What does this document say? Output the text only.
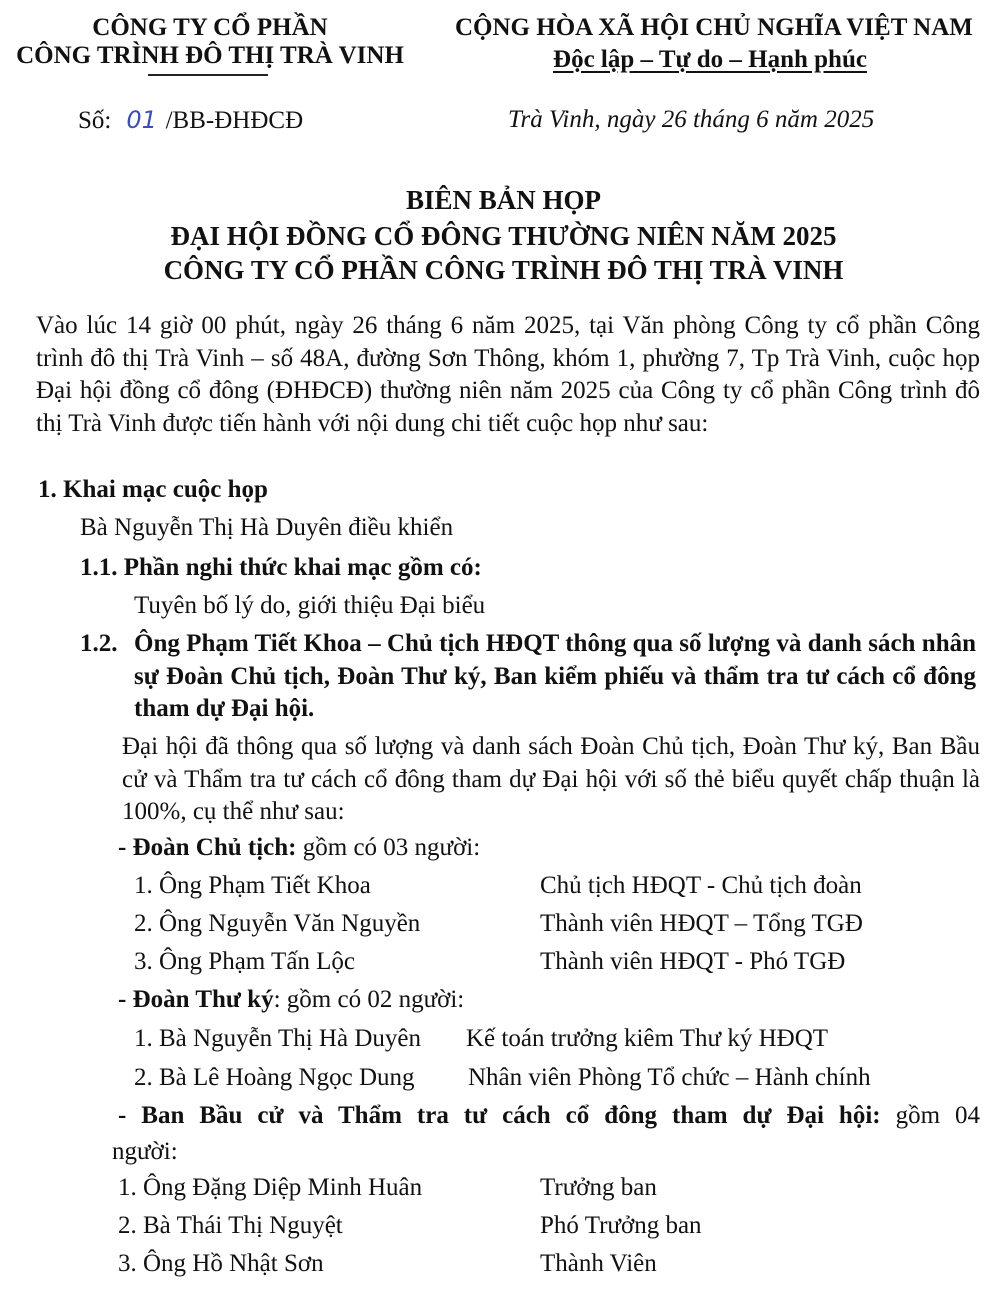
CÔNG TY CỔ PHẦN
CÔNG TRÌNH ĐÔ THỊ TRÀ VINH
CỘNG HÒA XÃ HỘI CHỦ NGHĨA VIỆT NAM
Độc lập – Tự do – Hạnh phúc
Số: 01 /BB-ĐHĐCĐ	Trà Vinh, ngày 26 tháng 6 năm 2025
BIÊN BẢN HỌP
ĐẠI HỘI ĐỒNG CỔ ĐÔNG THƯỜNG NIÊN NĂM 2025
CÔNG TY CỔ PHẦN CÔNG TRÌNH ĐÔ THỊ TRÀ VINH
Vào lúc 14 giờ 00 phút, ngày 26 tháng 6 năm 2025, tại Văn phòng Công ty cổ phần Công trình đô thị Trà Vinh – số 48A, đường Sơn Thông, khóm 1, phường 7, Tp Trà Vinh, cuộc họp Đại hội đồng cổ đông (ĐHĐCĐ) thường niên năm 2025 của Công ty cổ phần Công trình đô thị Trà Vinh được tiến hành với nội dung chi tiết cuộc họp như sau:
1. Khai mạc cuộc họp
Bà Nguyễn Thị Hà Duyên điều khiển
1.1. Phần nghi thức khai mạc gồm có:
Tuyên bố lý do, giới thiệu Đại biểu
1.2. Ông Phạm Tiết Khoa – Chủ tịch HĐQT thông qua số lượng và danh sách nhân sự Đoàn Chủ tịch, Đoàn Thư ký, Ban kiểm phiếu và thẩm tra tư cách cổ đông tham dự Đại hội.
Đại hội đã thông qua số lượng và danh sách Đoàn Chủ tịch, Đoàn Thư ký, Ban Bầu cử và Thẩm tra tư cách cổ đông tham dự Đại hội với số thẻ biểu quyết chấp thuận là 100%, cụ thể như sau:
- Đoàn Chủ tịch: gồm có 03 người:
1. Ông Phạm Tiết Khoa	Chủ tịch HĐQT - Chủ tịch đoàn
2. Ông Nguyễn Văn Nguyền	Thành viên HĐQT – Tổng TGĐ
3. Ông Phạm Tấn Lộc	Thành viên HĐQT - Phó TGĐ
- Đoàn Thư ký: gồm có 02 người:
1. Bà Nguyễn Thị Hà Duyên Kế toán trưởng kiêm Thư ký HĐQT
2. Bà Lê Hoàng Ngọc Dung Nhân viên Phòng Tổ chức – Hành chính
- Ban Bầu cử và Thẩm tra tư cách cổ đông tham dự Đại hội: gồm 04
người:
1. Ông Đặng Diệp Minh Huân	Trưởng ban
2. Bà Thái Thị Nguyệt	Phó Trưởng ban
3. Ông Hồ Nhật Sơn	Thành Viên
